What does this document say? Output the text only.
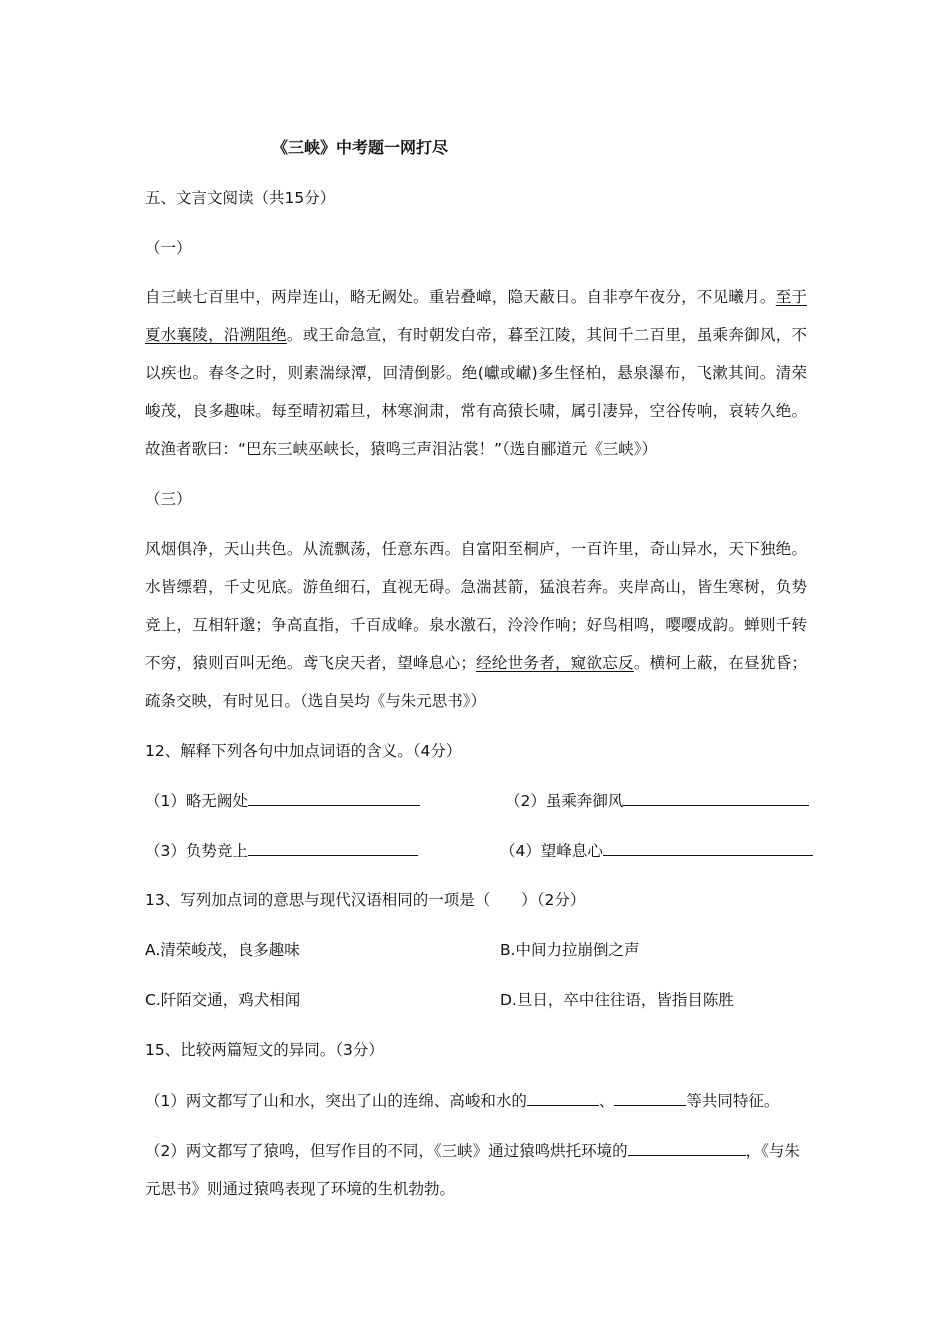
《三峡》中考题一网打尽
五、文言文阅读（共15分）
（一）
自三峡七百里中，两岸连山，略无阙处。重岩叠嶂，隐天蔽日。自非亭午夜分，不见曦月。至于
夏水襄陵，沿溯阻绝。或王命急宣，有时朝发白帝，暮至江陵，其间千二百里，虽乘奔御风，不
以疾也。春冬之时，则素湍绿潭，回清倒影。绝(巘或𪩘)多生怪柏，悬泉瀑布，飞漱其间。清荣
峻茂，良多趣味。每至晴初霜旦，林寒涧肃，常有高猿长啸，属引凄异，空谷传响，哀转久绝。
故渔者歌曰：“巴东三峡巫峡长，猿鸣三声泪沾裳！”（选自郦道元《三峡》）
（三）
风烟俱净，天山共色。从流飘荡，任意东西。自富阳至桐庐，一百许里，奇山异水，天下独绝。
水皆缥碧，千丈见底。游鱼细石，直视无碍。急湍甚箭，猛浪若奔。夹岸高山，皆生寒树，负势
竞上，互相轩邈；争高直指，千百成峰。泉水激石，泠泠作响；好鸟相鸣，嘤嘤成韵。蝉则千转
不穷，猿则百叫无绝。鸢飞戾天者，望峰息心；经纶世务者，窥欲忘反。横柯上蔽，在昼犹昏；
疏条交映，有时见日。（选自吴均《与朱元思书》）
12、解释下列各句中加点词语的含义。（4分）
（1）略无阙处	（2）虽乘奔御风
（3）负势竞上	（4）望峰息心
13、写列加点词的意思与现代汉语相同的一项是（　　）（2分）
A.清荣峻茂，良多趣味	B.中间力拉崩倒之声
C.阡陌交通，鸡犬相闻	D.旦日，卒中往往语，皆指目陈胜
15、比较两篇短文的异同。（3分）
（1）两文都写了山和水，突出了山的连绵、高峻和水的	、	等共同特征。
（2）两文都写了猿鸣，但写作目的不同，《三峡》通过猿鸣烘托环境的	，《与朱
元思书》则通过猿鸣表现了环境的生机勃勃。
